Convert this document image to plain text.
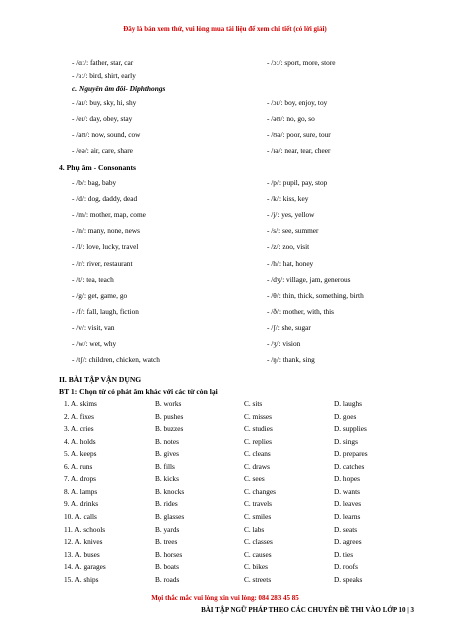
Đây là bản xem thử, vui lòng mua tài liệu để xem chi tiết (có lời giải)
- /ɑː/: father, star, car	- /ɔː/: sport, more, store
- /ɜː/: bird, shirt, early
c. Nguyên âm đôi- Diphthongs
- /aɪ/: buy, sky, hi, shy	- /ɔɪ/: boy, enjoy, toy
- /eɪ/: day, obey, stay	- /əʊ/: no, go, so
- /aʊ/: now, sound, cow	- /ʊə/: poor, sure, tour
- /eə/: air, care, share	- /ɪə/: near, tear, cheer
4. Phụ âm - Consonants
- /b/: bag, baby	- /p/: pupil, pay, stop
- /d/: dog, daddy, dead	- /k/: kiss, key
- /m/: mother, map, come	- /j/: yes, yellow
- /n/: many, none, news	- /s/: see, summer
- /l/: love, lucky, travel	- /z/: zoo, visit
- /r/: river, restaurant	- /h/: hat, honey
- /t/: tea, teach	- /dʒ/: village, jam, generous
- /g/: get, game, go	- /θ/: thin, thick, something, birth
- /f/: fall, laugh, fiction	- /ð/: mother, with, this
- /v/: visit, van	- /ʃ/: she, sugar
- /w/: wet, why	- /ʒ/: vision
- /tʃ/: children, chicken, watch	- /ŋ/: thank, sing
II. BÀI TẬP VẬN DỤNG
BT 1: Chọn từ có phát âm khác với các từ còn lại
1. A. skims	B. works	C. sits	D. laughs
2. A. fixes	B. pushes	C. misses	D. goes
3. A. cries	B. buzzes	C. studies	D. supplies
4. A. holds	B. notes	C. replies	D. sings
5. A. keeps	B. gives	C. cleans	D. prepares
6. A. runs	B. fills	C. draws	D. catches
7. A. drops	B. kicks	C. sees	D. hopes
8. A. lamps	B. knocks	C. changes	D. wants
9. A. drinks	B. rides	C. travels	D. leaves
10. A. calls	B. glasses	C. smiles	D. learns
11. A. schools	B. yards	C. labs	D. seats
12. A. knives	B. trees	C. classes	D. agrees
13. A. buses	B. horses	C. causes	D. ties
14. A. garages	B. boats	C. bikes	D. roofs
15. A. ships	B. roads	C. streets	D. speaks
Mọi thắc mắc vui lòng xin vui lòng: 084 283 45 85
BÀI TẬP NGỮ PHÁP THEO CÁC CHUYÊN ĐỀ THI VÀO LỚP 10 | 3
